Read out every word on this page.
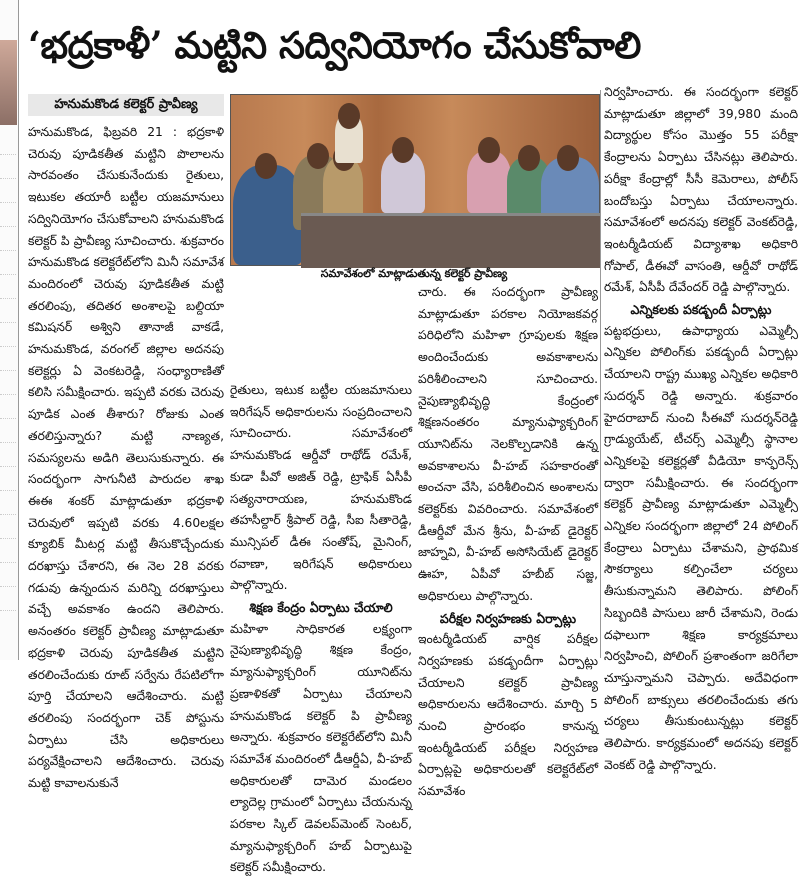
‘భద్రకాళీ’ మట్టిని సద్వినియోగం చేసుకోవాలి
హనుమకొండ కలెక్టర్ ప్రావీణ్య
సమావేశంలో మాట్లాడుతున్న కలెక్టర్ ప్రావీణ్య
హనుమకొండ, ఫిబ్రవరి 21 : భద్రకాళి చెరువు పూడికతీత మట్టిని పొలాలను సారవంతం చేసుకునేందుకు రైతులు, ఇటుకల తయారీ బట్టీల యజమానులు సద్వినియోగం చేసుకోవాలని హనుమకొండ కలెక్టర్ పి ప్రావీణ్య సూచించారు. శుక్రవారం హనుమకొండ కలెక్టరేట్‌లోని మినీ సమావేశ మందిరంలో చెరువు పూడికతీత మట్టి తరలింపు, తదితర అంశాలపై బల్దియా కమిషనర్ అశ్విని తానాజీ వాకడే, హనుమకొండ, వరంగల్ జిల్లాల అదనపు కలెక్టర్లు ఏ వెంకటరెడ్డి, సంధ్యారాణితో కలిసి సమీక్షించారు. ఇప్పటి వరకు చెరువు పూడిక ఎంత తీశారు? రోజుకు ఎంత తరలిస్తున్నారు? మట్టి నాణ్యత, సమస్యలను అడిగి తెలుసుకున్నారు. ఈ సందర్భంగా సాగునీటి పారుదల శాఖ ఈఈ శంకర్ మాట్లాడుతూ భద్రకాళి చెరువులో ఇప్పటి వరకు 4.60లక్షల క్యూబిక్ మీటర్ల మట్టి తీసుకొచ్చేందుకు దరఖాస్తు చేశారని, ఈ నెల 28 వరకు గడువు ఉన్నందున మరిన్ని దరఖాస్తులు వచ్చే అవకాశం ఉందని తెలిపారు. అనంతరం కలెక్టర్ ప్రావీణ్య మాట్లాడుతూ భద్రకాళి చెరువు పూడికతీత మట్టిని తరలించేందుకు రూట్ సర్వేను రేపటిలోగా పూర్తి చేయాలని ఆదేశించారు. మట్టి తరలింపు సందర్భంగా చెక్ పోస్టును ఏర్పాటు చేసి అధికారులు పర్యవేక్షించాలని ఆదేశించారు. చెరువు మట్టి కావాలనుకునే
రైతులు, ఇటుక బట్టీల యజమానులు ఇరిగేషన్ అధికారులను సంప్రదించాలని సూచించారు. సమావేశంలో హనుమకొండ ఆర్డీవో రాథోడ్ రమేశ్, కుడా పీవో అజిత్ రెడ్డి, ట్రాఫిక్ ఏసీపీ సత్యనారాయణ, హనుమకొండ తహసీల్దార్ శ్రీపాల్ రెడ్డి, సీఐ సీతారెడ్డి, మున్సిపల్ డీఈ సంతోష్, మైనింగ్, రవాణా, ఇరిగేషన్ అధికారులు పాల్గొన్నారు.
శిక్షణ కేంద్రం ఏర్పాటు చేయాలి
మహిళా సాధికారత లక్ష్యంగా నైపుణ్యాభివృద్ధి శిక్షణ కేంద్రం, మ్యానుఫ్యాక్చరింగ్ యూనిట్‌ను ప్రణాళికతో ఏర్పాటు చేయాలని హనుమకొండ కలెక్టర్ పి ప్రావీణ్య అన్నారు. శుక్రవారం కలెక్టరేట్‌లోని మినీ సమావేశ మందిరంలో డీఆర్డీఏ, వీ-హబ్ అధికారులతో దామెర మండలం ల్యాదెల్ల గ్రామంలో ఏర్పాటు చేయనున్న పరకాల స్కిల్ డెవలప్‌మెంట్ సెంటర్, మ్యానుఫ్యాక్చరింగ్ హబ్ ఏర్పాటుపై కలెక్టర్ సమీక్షించారు.
చారు. ఈ సందర్భంగా ప్రావీణ్య మాట్లాడుతూ పరకాల నియోజకవర్గ పరిధిలోని మహిళా గ్రూపులకు శిక్షణ అందించేందుకు అవకాశాలను పరిశీలించాలని సూచించారు. నైపుణ్యాభివృద్ధి కేంద్రంలో శిక్షణనంతరం మ్యానుఫ్యాక్చరింగ్ యూనిట్‌ను నెలకొల్పడానికి ఉన్న అవకాశాలను వీ-హబ్ సహకారంతో అంచనా వేసి, పరిశీలించిన అంశాలను కలెక్టర్‌కు వివరించారు. సమావేశంలో డీఆర్డీవో మేన శ్రీను, వీ-హబ్ డైరెక్టర్ జాహ్నవి, వీ-హబ్ అసోసియేట్ డైరెక్టర్ ఊహ, ఏపీవో హబీబ్ సజ్జ, అధికారులు పాల్గొన్నారు.
పరీక్షల నిర్వహణకు ఏర్పాట్లు
ఇంటర్మీడియట్ వార్షిక పరీక్షల నిర్వహణకు పకడ్బందీగా ఏర్పాట్లు చేయాలని కలెక్టర్ ప్రావీణ్య అధికారులను ఆదేశించారు. మార్చి 5 నుంచి ప్రారంభం కానున్న ఇంటర్మీడియట్ పరీక్షల నిర్వహణ ఏర్పాట్లపై అధికారులతో కలెక్టరేట్‌లో సమావేశం
నిర్వహించారు. ఈ సందర్భంగా కలెక్టర్ మాట్లాడుతూ జిల్లాలో 39,980 మంది విద్యార్థుల కోసం మొత్తం 55 పరీక్షా కేంద్రాలను ఏర్పాటు చేసినట్లు తెలిపారు. పరీక్షా కేంద్రాల్లో సీసీ కెమెరాలు, పోలీస్ బందోబస్తు ఏర్పాటు చేయాలన్నారు. సమావేశంలో అదనపు కలెక్టర్ వెంకట్‌రెడ్డి, ఇంటర్మీడియట్ విద్యాశాఖ అధికారి గోపాల్, డీఈవో వాసంతి, ఆర్డీవో రాథోడ్ రమేశ్, ఏసీపీ దేవేందర్ రెడ్డి పాల్గొన్నారు.
ఎన్నికలకు పకడ్బందీ ఏర్పాట్లు
పట్టభద్రులు, ఉపాధ్యాయ ఎమ్మెల్సీ ఎన్నికల పోలింగ్‌కు పకడ్బందీ ఏర్పాట్లు చేయాలని రాష్ట్ర ముఖ్య ఎన్నికల అధికారి సుదర్శన్ రెడ్డి అన్నారు. శుక్రవారం హైదరాబాద్ నుంచి సీఈవో సుదర్శన్‌రెడ్డి గ్రాడ్యుయేట్, టీచర్స్ ఎమ్మెల్సీ స్థానాల ఎన్నికలపై కలెక్టర్లతో వీడియో కాన్ఫరెన్స్ ద్వారా సమీక్షించారు. ఈ సందర్భంగా కలెక్టర్ ప్రావీణ్య మాట్లాడుతూ ఎమ్మెల్సీ ఎన్నికల సందర్భంగా జిల్లాలో 24 పోలింగ్ కేంద్రాలు ఏర్పాటు చేశామని, ప్రాథమిక సౌకర్యాలు కల్పించేలా చర్యలు తీసుకున్నామని తెలిపారు. పోలింగ్ సిబ్బందికి పాసులు జారీ చేశామని, రెండు దఫాలుగా శిక్షణ కార్యక్రమాలు నిర్వహించి, పోలింగ్ ప్రశాంతంగా జరిగేలా చూస్తున్నామని చెప్పారు. అదేవిధంగా పోలింగ్ బాక్సులు తరలించేందుకు తగు చర్యలు తీసుకుంటున్నట్లు కలెక్టర్ తెలిపారు. కార్యక్రమంలో అదనపు కలెక్టర్ వెంకట్ రెడ్డి పాల్గొన్నారు.
